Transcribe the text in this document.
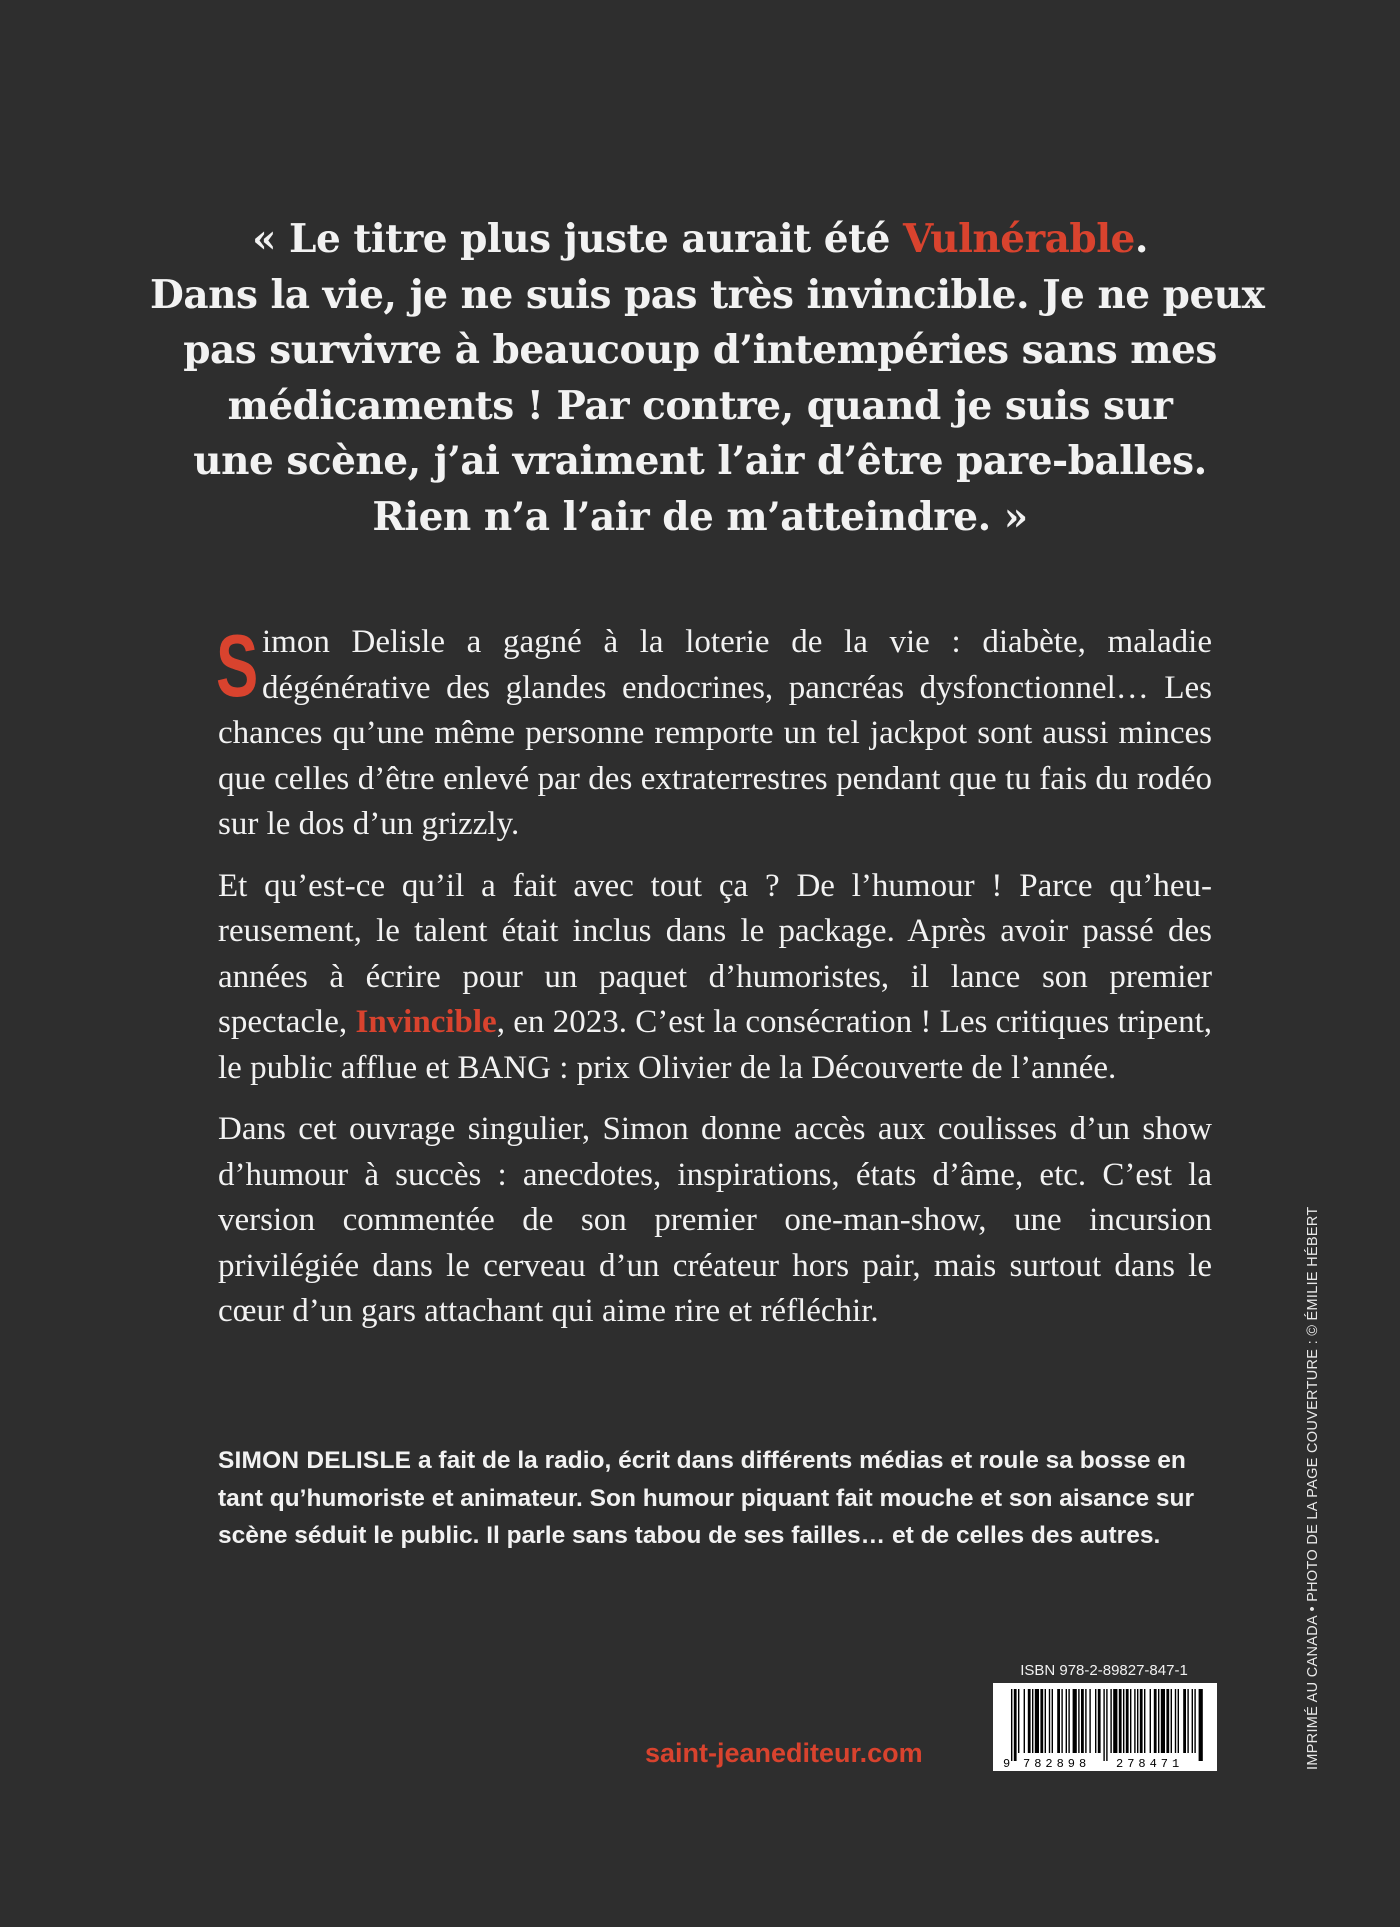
« Le titre plus juste aurait été Vulnérable.
Dans la vie, je ne suis pas très invincible. Je ne peux
pas survivre à beaucoup d’intempéries sans mes
médicaments ! Par contre, quand je suis sur
une scène, j’ai vraiment l’air d’être pare-balles.
Rien n’a l’air de m’atteindre. »

Simon Delisle a gagné à la loterie de la vie : diabète, maladie dégénérative des glandes endocrines, pancréas dysfonctionnel… Les chances qu’une même personne remporte un tel jackpot sont aussi minces que celles d’être enlevé par des extraterrestres pendant que tu fais du rodéo sur le dos d’un grizzly.

Et qu’est-ce qu’il a fait avec tout ça ? De l’humour ! Parce qu’heureusement, le talent était inclus dans le package. Après avoir passé des années à écrire pour un paquet d’humoristes, il lance son premier spectacle, Invincible, en 2023. C’est la consécration ! Les critiques tripent, le public afflue et BANG : prix Olivier de la Découverte de l’année.

Dans cet ouvrage singulier, Simon donne accès aux coulisses d’un show d’humour à succès : anecdotes, inspirations, états d’âme, etc. C’est la version commentée de son premier one-man-show, une incursion privilégiée dans le cerveau d’un créateur hors pair, mais surtout dans le cœur d’un gars attachant qui aime rire et réfléchir.

SIMON DELISLE a fait de la radio, écrit dans différents médias et roule sa bosse en tant qu’humoriste et animateur. Son humour piquant fait mouche et son aisance sur scène séduit le public. Il parle sans tabou de ses failles… et de celles des autres.
saint-jeanediteur.com
ISBN 978-2-89827-847-1
9 782898 278471	IMPRIMÉ AU CANADA • PHOTO DE LA PAGE COUVERTURE : © ÉMILIE HÉBERT
